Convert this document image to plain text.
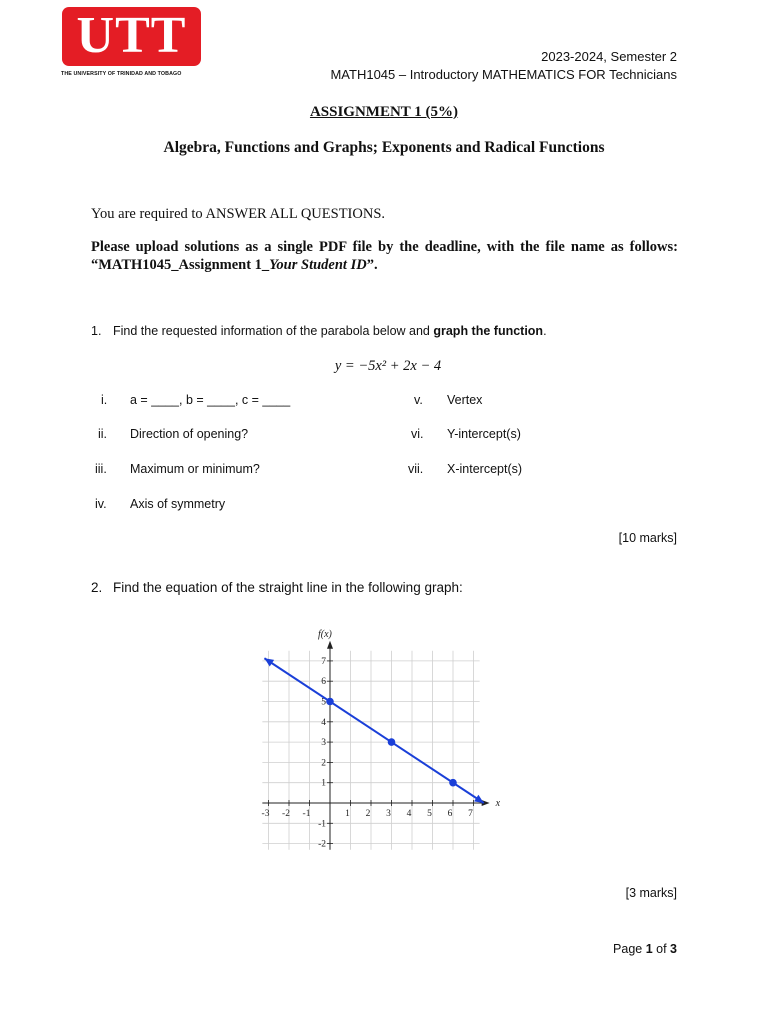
UTT
THE UNIVERSITY OF TRINIDAD AND TOBAGO
2023-2024, Semester 2
MATH1045 – Introductory MATHEMATICS FOR Technicians
ASSIGNMENT 1 (5%)
Algebra, Functions and Graphs; Exponents and Radical Functions
You are required to ANSWER ALL QUESTIONS.
Please upload solutions as a single PDF file by the deadline, with the file name as follows:
“MATH1045_Assignment 1_Your Student ID”.
1. Find the requested information of the parabola below and graph the function.
y = −5x² + 2x − 4
i. a = ____, b = ____, c = ____
ii. Direction of opening?
iii. Maximum or minimum?
iv. Axis of symmetry
v. Vertex
vi. Y-intercept(s)
vii. X-intercept(s)
[10 marks]
2. Find the equation of the straight line in the following graph:
-3 -2 -1	1 2 3 4 5 6 7
-2
-1
1
2
3
4
5
6
7
x
f(x)
[3 marks]
Page 1 of 3
